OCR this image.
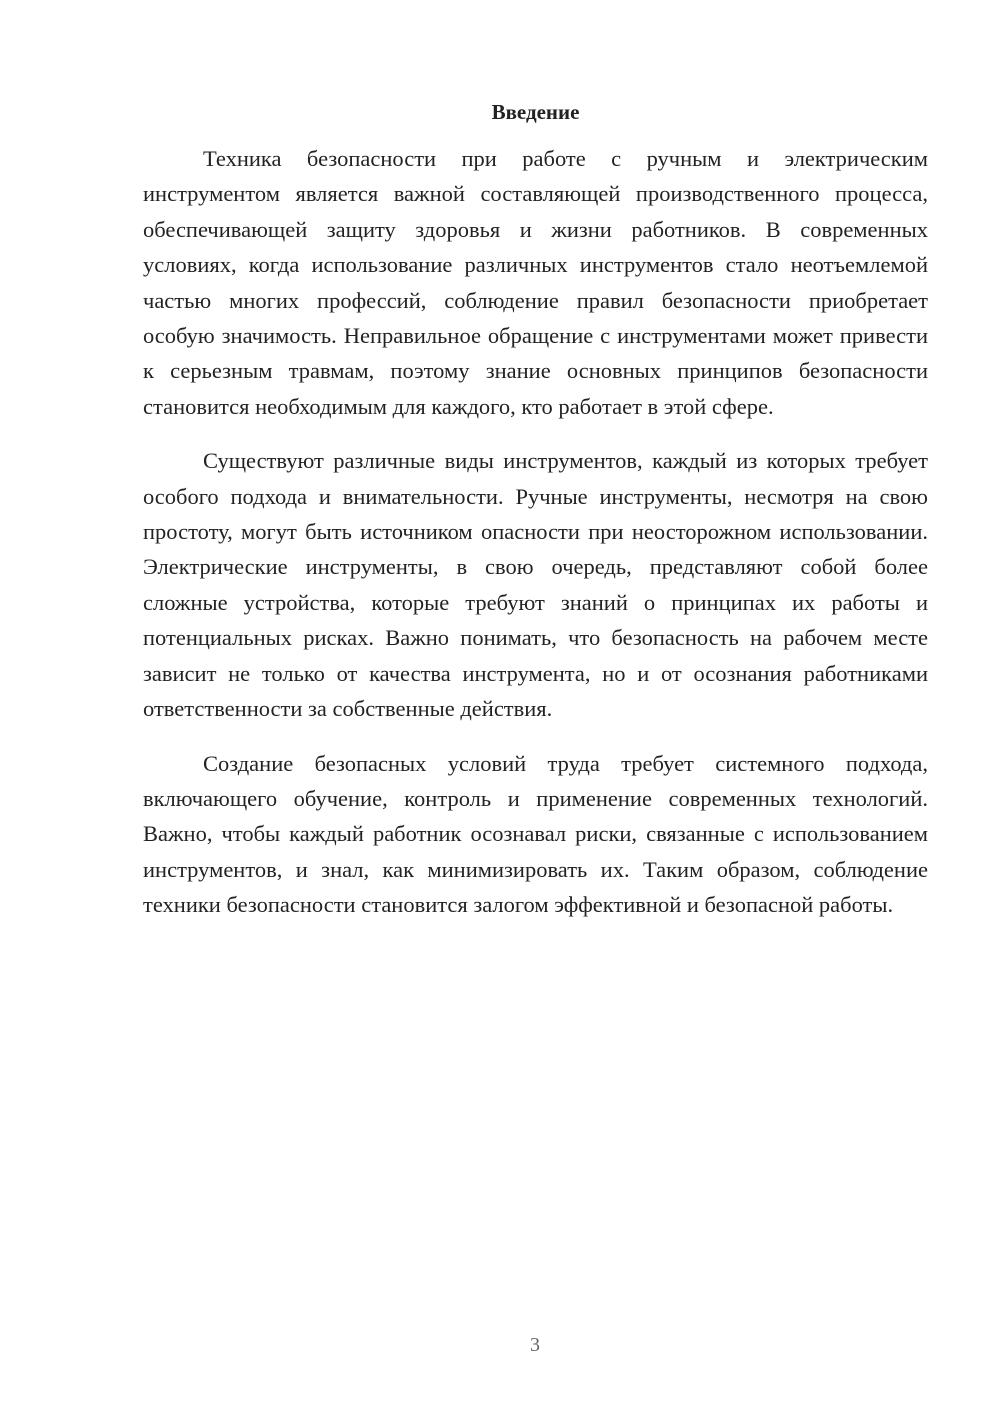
Введение

Техника безопасности при работе с ручным и электрическим инструментом является важной составляющей производственного процесса, обеспечивающей защиту здоровья и жизни работников. В современных условиях, когда использование различных инструментов стало неотъемлемой частью многих профессий, соблюдение правил безопасности приобретает особую значимость. Неправильное обращение с инструментами может привести к серьезным травмам, поэтому знание основных принципов безопасности становится необходимым для каждого, кто работает в этой сфере.

Существуют различные виды инструментов, каждый из которых требует особого подхода и внимательности. Ручные инструменты, несмотря на свою простоту, могут быть источником опасности при неосторожном использовании. Электрические инструменты, в свою очередь, представляют собой более сложные устройства, которые требуют знаний о принципах их работы и потенциальных рисках. Важно понимать, что безопасность на рабочем месте зависит не только от качества инструмента, но и от осознания работниками ответственности за собственные действия.

Создание безопасных условий труда требует системного подхода, включающего обучение, контроль и применение современных технологий. Важно, чтобы каждый работник осознавал риски, связанные с использованием инструментов, и знал, как минимизировать их. Таким образом, соблюдение техники безопасности становится залогом эффективной и безопасной работы.

3
